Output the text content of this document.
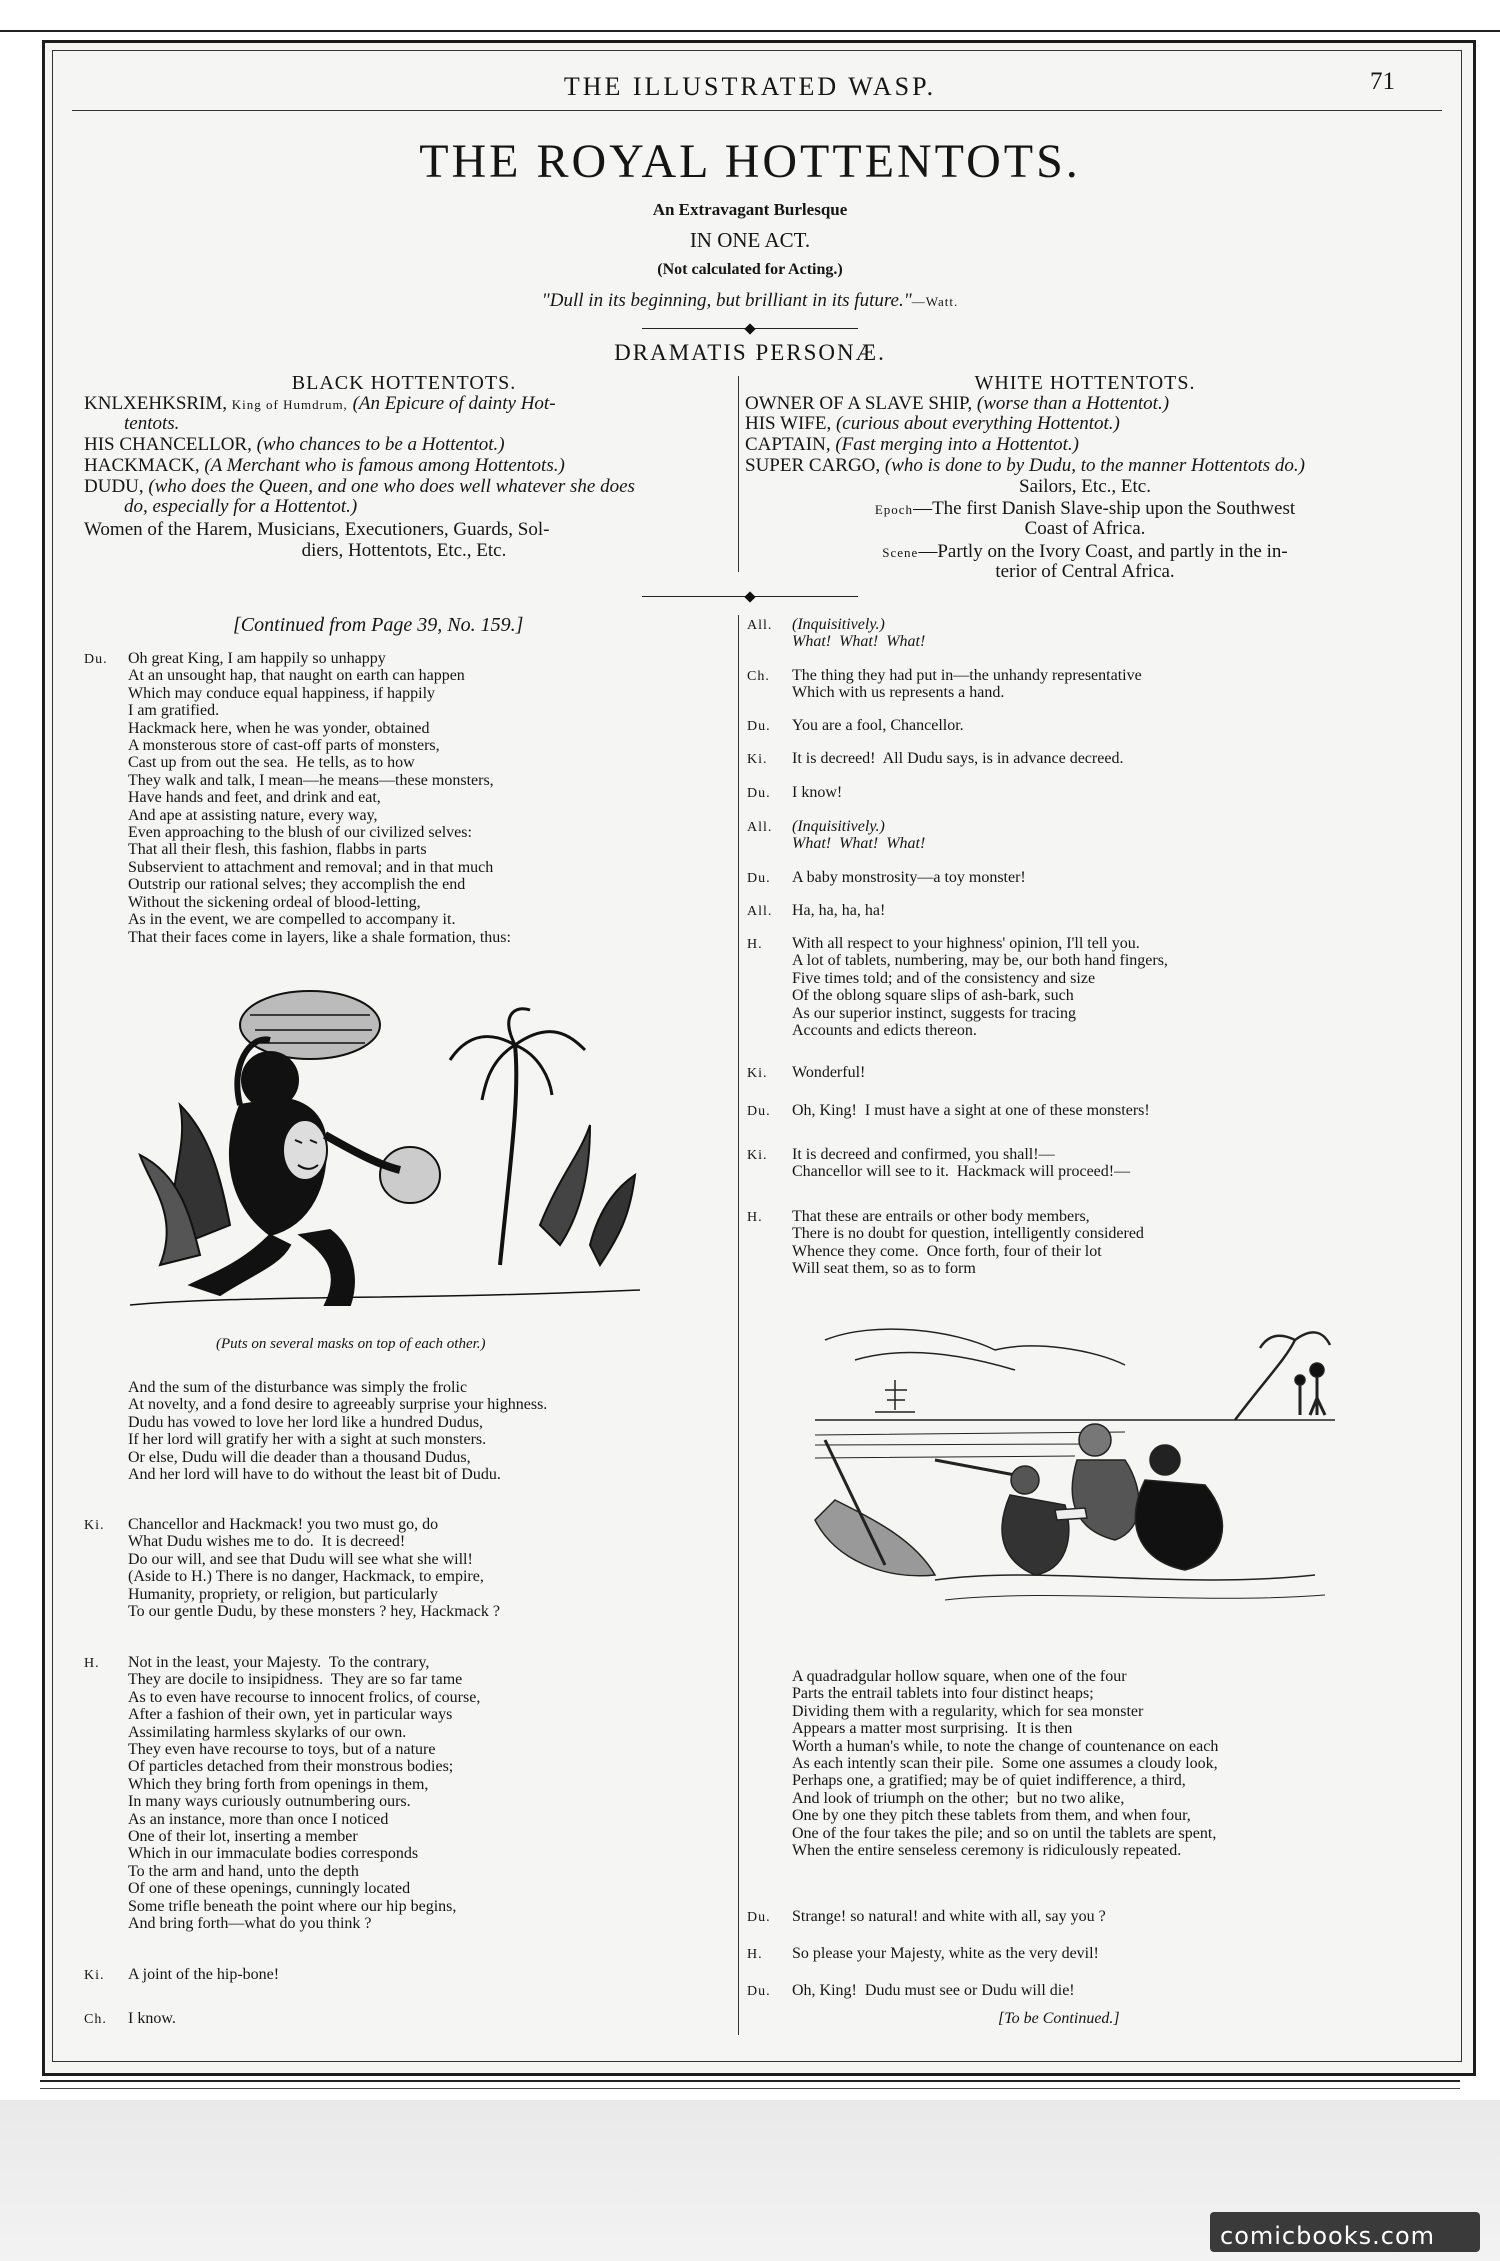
THE ILLUSTRATED WASP.	71
THE ROYAL HOTTENTOTS.
An Extravagant Burlesque
IN ONE ACT.
(Not calculated for Acting.)
"Dull in its beginning, but brilliant in its future."—Watt.
DRAMATIS PERSONÆ.
BLACK HOTTENTOTS.
KNLXEHKSRIM, King of Humdrum, (An Epicure of dainty Hot-
tentots.
HIS CHANCELLOR, (who chances to be a Hottentot.)
HACKMACK, (A Merchant who is famous among Hottentots.)
DUDU, (who does the Queen, and one who does well whatever she does
do, especially for a Hottentot.)
Women of the Harem, Musicians, Executioners, Guards, Sol-
diers, Hottentots, Etc., Etc.
WHITE HOTTENTOTS.
OWNER OF A SLAVE SHIP, (worse than a Hottentot.)
HIS WIFE, (curious about everything Hottentot.)
CAPTAIN, (Fast merging into a Hottentot.)
SUPER CARGO, (who is done to by Dudu, to the manner Hottentots do.)
Sailors, Etc., Etc.
Epoch—The first Danish Slave-ship upon the Southwest
Coast of Africa.
Scene—Partly on the Ivory Coast, and partly in the in-
terior of Central Africa.
[Continued from Page 39, No. 159.]
Du. Oh great King, I am happily so unhappy
At an unsought hap, that naught on earth can happen
Which may conduce equal happiness, if happily
I am gratified.
Hackmack here, when he was yonder, obtained
A monsterous store of cast-off parts of monsters,
Cast up from out the sea.  He tells, as to how
They walk and talk, I mean—he means—these monsters,
Have hands and feet, and drink and eat,
And ape at assisting nature, every way,
Even approaching to the blush of our civilized selves:
That all their flesh, this fashion, flabbs in parts
Subservient to attachment and removal; and in that much
Outstrip our rational selves; they accomplish the end
Without the sickening ordeal of blood-letting,
As in the event, we are compelled to accompany it.
That their faces come in layers, like a shale formation, thus:
(Puts on several masks on top of each other.)
And the sum of the disturbance was simply the frolic
At novelty, and a fond desire to agreeably surprise your highness.
Dudu has vowed to love her lord like a hundred Dudus,
If her lord will gratify her with a sight at such monsters.
Or else, Dudu will die deader than a thousand Dudus,
And her lord will have to do without the least bit of Dudu.
Ki. Chancellor and Hackmack! you two must go, do
What Dudu wishes me to do.  It is decreed!
Do our will, and see that Dudu will see what she will!
(Aside to H.) There is no danger, Hackmack, to empire,
Humanity, propriety, or religion, but particularly
To our gentle Dudu, by these monsters ? hey, Hackmack ?
H. Not in the least, your Majesty.  To the contrary,
They are docile to insipidness.  They are so far tame
As to even have recourse to innocent frolics, of course,
After a fashion of their own, yet in particular ways
Assimilating harmless skylarks of our own.
They even have recourse to toys, but of a nature
Of particles detached from their monstrous bodies;
Which they bring forth from openings in them,
In many ways curiously outnumbering ours.
As an instance, more than once I noticed
One of their lot, inserting a member
Which in our immaculate bodies corresponds
To the arm and hand, unto the depth
Of one of these openings, cunningly located
Some trifle beneath the point where our hip begins,
And bring forth—what do you think ?
Ki. A joint of the hip-bone!
Ch. I know.
All. (Inquisitively.)
What!  What!  What!
Ch. The thing they had put in—the unhandy representative
Which with us represents a hand.
Du. You are a fool, Chancellor.
Ki. It is decreed!  All Dudu says, is in advance decreed.
Du. I know!
All. (Inquisitively.)
What!  What!  What!
Du. A baby monstrosity—a toy monster!
All. Ha, ha, ha, ha!
H. With all respect to your highness' opinion, I'll tell you.
A lot of tablets, numbering, may be, our both hand fingers,
Five times told; and of the consistency and size
Of the oblong square slips of ash-bark, such
As our superior instinct, suggests for tracing
Accounts and edicts thereon.
Ki. Wonderful!
Du. Oh, King!  I must have a sight at one of these monsters!
Ki. It is decreed and confirmed, you shall!—
Chancellor will see to it.  Hackmack will proceed!—
H. That these are entrails or other body members,
There is no doubt for question, intelligently considered
Whence they come.  Once forth, four of their lot
Will seat them, so as to form
A quadradgular hollow square, when one of the four
Parts the entrail tablets into four distinct heaps;
Dividing them with a regularity, which for sea monster
Appears a matter most surprising.  It is then
Worth a human's while, to note the change of countenance on each
As each intently scan their pile.  Some one assumes a cloudy look,
Perhaps one, a gratified; may be of quiet indifference, a third,
And look of triumph on the other;  but no two alike,
One by one they pitch these tablets from them, and when four,
One of the four takes the pile; and so on until the tablets are spent,
When the entire senseless ceremony is ridiculously repeated.
Du. Strange! so natural! and white with all, say you ?
H. So please your Majesty, white as the very devil!
Du. Oh, King!  Dudu must see or Dudu will die!
[To be Continued.]
comicbooks.com
